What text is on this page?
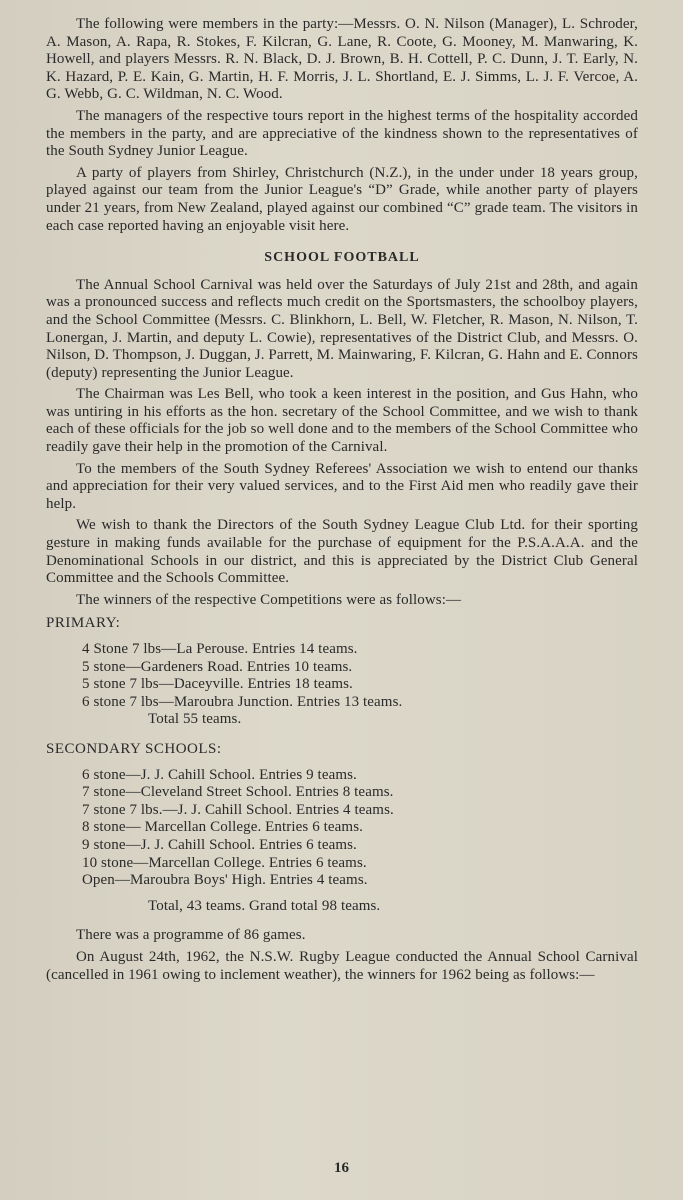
The following were members in the party:—Messrs. O. N. Nilson (Manager), L. Schroder, A. Mason, A. Rapa, R. Stokes, F. Kilcran, G. Lane, R. Coote, G. Mooney, M. Manwaring, K. Howell, and players Messrs. R. N. Black, D. J. Brown, B. H. Cottell, P. C. Dunn, J. T. Early, N. K. Hazard, P. E. Kain, G. Martin, H. F. Morris, J. L. Shortland, E. J. Simms, L. J. F. Vercoe, A. G. Webb, G. C. Wildman, N. C. Wood.

The managers of the respective tours report in the highest terms of the hospitality accorded the members in the party, and are appreciative of the kindness shown to the representatives of the South Sydney Junior League.

A party of players from Shirley, Christchurch (N.Z.), in the under under 18 years group, played against our team from the Junior League's “D” Grade, while another party of players under 21 years, from New Zealand, played against our combined “C” grade team. The visitors in each case reported having an enjoyable visit here.

SCHOOL FOOTBALL

The Annual School Carnival was held over the Saturdays of July 21st and 28th, and again was a pronounced success and reflects much credit on the Sportsmasters, the schoolboy players, and the School Committee (Messrs. C. Blinkhorn, L. Bell, W. Fletcher, R. Mason, N. Nilson, T. Lonergan, J. Martin, and deputy L. Cowie), representatives of the District Club, and Messrs. O. Nilson, D. Thompson, J. Duggan, J. Parrett, M. Mainwaring, F. Kilcran, G. Hahn and E. Connors (deputy) representing the Junior League.

The Chairman was Les Bell, who took a keen interest in the position, and Gus Hahn, who was untiring in his efforts as the hon. secretary of the School Committee, and we wish to thank each of these officials for the job so well done and to the members of the School Committee who readily gave their help in the promotion of the Carnival.

To the members of the South Sydney Referees' Association we wish to entend our thanks and appreciation for their very valued services, and to the First Aid men who readily gave their help.

We wish to thank the Directors of the South Sydney League Club Ltd. for their sporting gesture in making funds available for the purchase of equipment for the P.S.A.A.A. and the Denominational Schools in our district, and this is appreciated by the District Club General Committee and the Schools Committee.

The winners of the respective Competitions were as follows:—

PRIMARY:
4 Stone 7 lbs—La Perouse. Entries 14 teams.
5 stone—Gardeners Road. Entries 10 teams.
5 stone 7 lbs—Daceyville. Entries 18 teams.
6 stone 7 lbs—Maroubra Junction. Entries 13 teams.
Total 55 teams.
SECONDARY SCHOOLS:
6 stone—J. J. Cahill School. Entries 9 teams.
7 stone—Cleveland Street School. Entries 8 teams.
7 stone 7 lbs.—J. J. Cahill School. Entries 4 teams.
8 stone— Marcellan College. Entries 6 teams.
9 stone—J. J. Cahill School. Entries 6 teams.
10 stone—Marcellan College. Entries 6 teams.
Open—Maroubra Boys' High. Entries 4 teams.
Total, 43 teams. Grand total 98 teams.

There was a programme of 86 games.

On August 24th, 1962, the N.S.W. Rugby League conducted the Annual School Carnival (cancelled in 1961 owing to inclement weather), the winners for 1962 being as follows:—

16
